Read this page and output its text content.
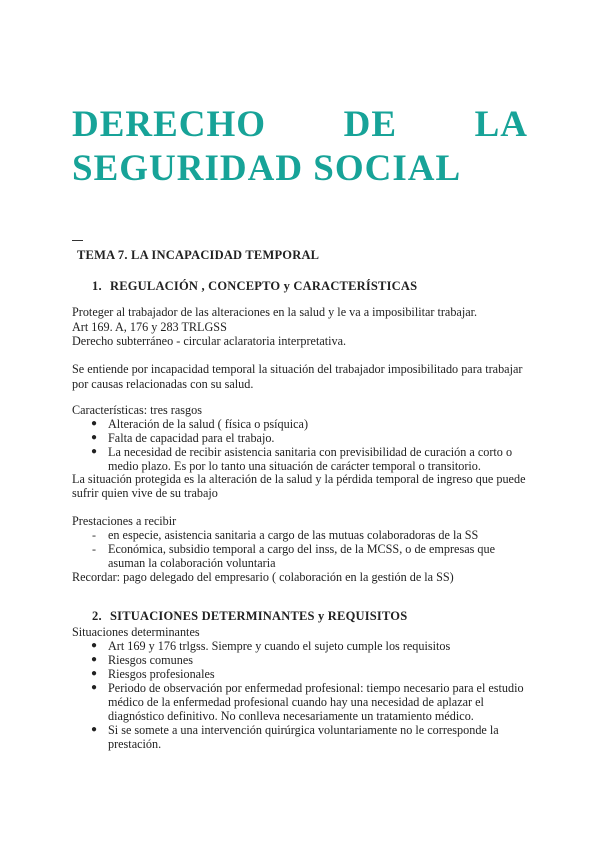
DERECHO DE LA
SEGURIDAD SOCIAL
TEMA 7. LA INCAPACIDAD TEMPORAL
1. REGULACIÓN , CONCEPTO y CARACTERÍSTICAS
Proteger al trabajador de las alteraciones en la salud y le va a imposibilitar trabajar.
Art 169. A, 176 y 283 TRLGSS
Derecho subterráneo - circular aclaratoria interpretativa.
Se entiende por incapacidad temporal la situación del trabajador imposibilitado para trabajar
por causas relacionadas con su salud.
Características: tres rasgos
● Alteración de la salud ( física o psíquica)
● Falta de capacidad para el trabajo.
● La necesidad de recibir asistencia sanitaria con previsibilidad de curación a corto o
medio plazo. Es por lo tanto una situación de carácter temporal o transitorio.
La situación protegida es la alteración de la salud y la pérdida temporal de ingreso que puede
sufrir quien vive de su trabajo
Prestaciones a recibir
- en especie, asistencia sanitaria a cargo de las mutuas colaboradoras de la SS
- Económica, subsidio temporal a cargo del inss, de la MCSS, o de empresas que
asuman la colaboración voluntaria
Recordar: pago delegado del empresario ( colaboración en la gestión de la SS)
2. SITUACIONES DETERMINANTES y REQUISITOS
Situaciones determinantes
● Art 169 y 176 trlgss. Siempre y cuando el sujeto cumple los requisitos
● Riesgos comunes
● Riesgos profesionales
● Periodo de observación por enfermedad profesional: tiempo necesario para el estudio
médico de la enfermedad profesional cuando hay una necesidad de aplazar el
diagnóstico definitivo. No conlleva necesariamente un tratamiento médico.
● Si se somete a una intervención quirúrgica voluntariamente no le corresponde la
prestación.
